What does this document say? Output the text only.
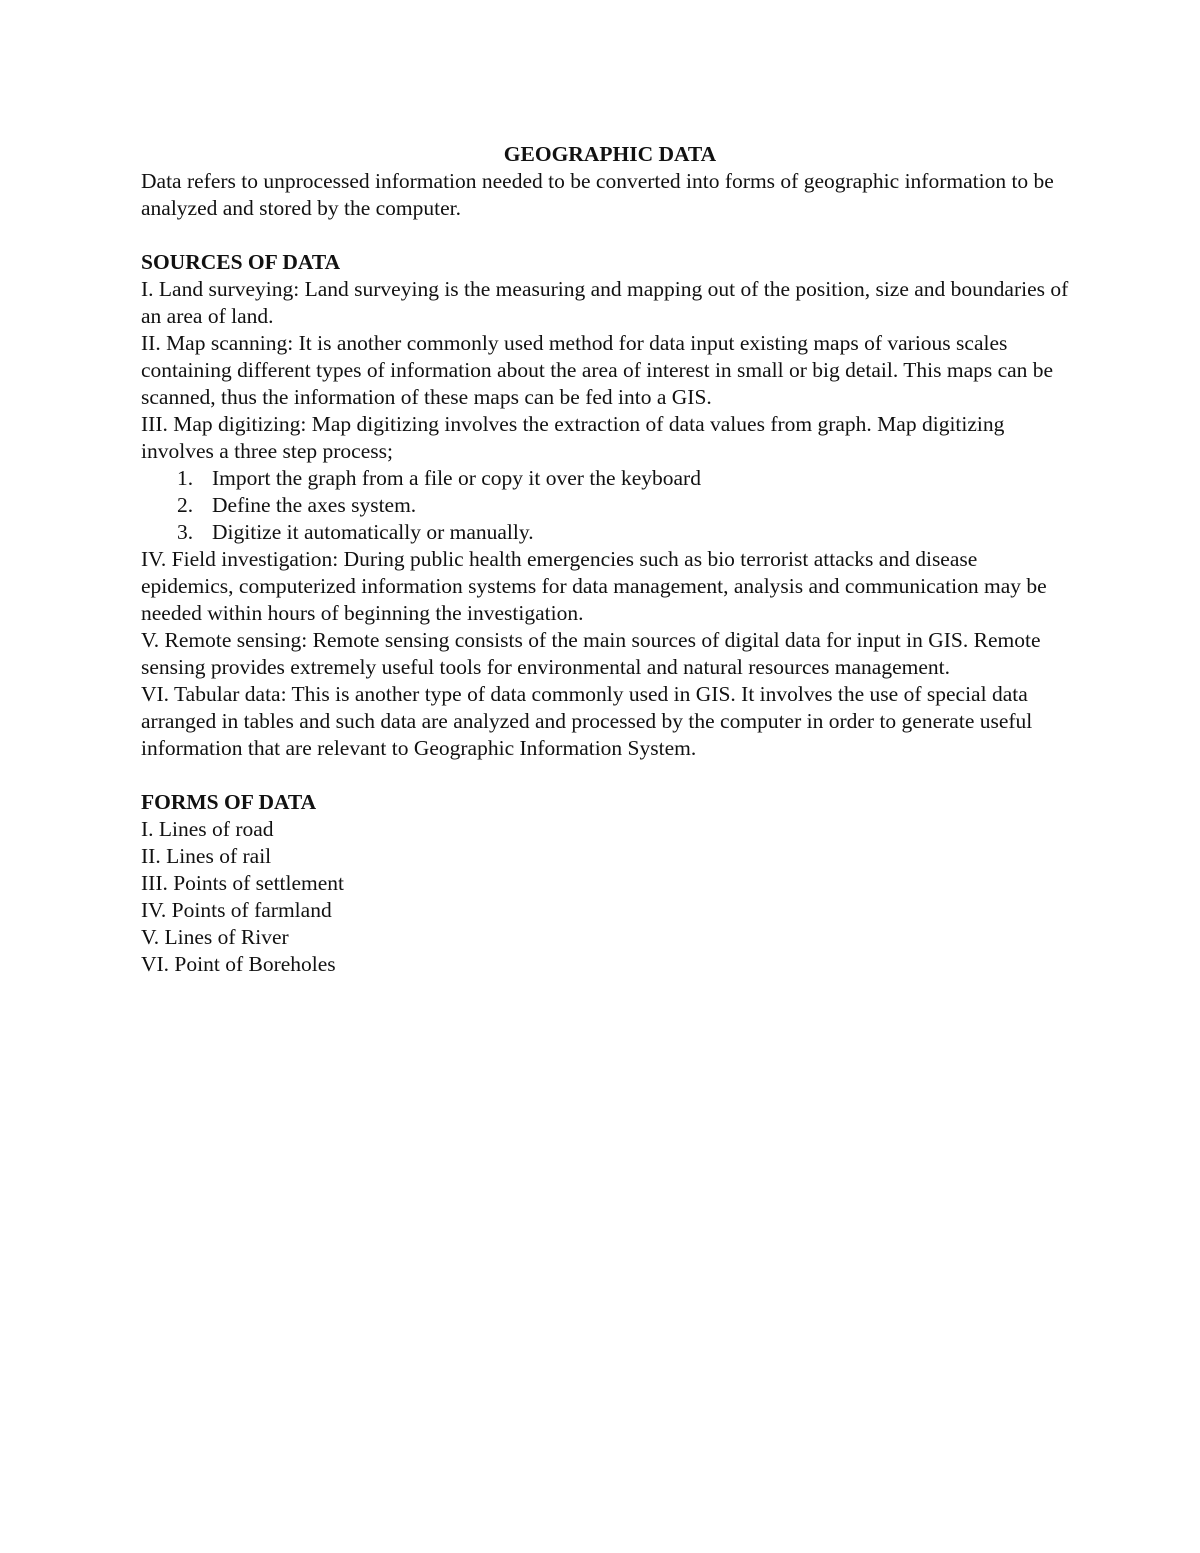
GEOGRAPHIC DATA

Data refers to unprocessed information needed to be converted into forms of geographic information to be analyzed and stored by the computer.

SOURCES OF DATA

I. Land surveying: Land surveying is the measuring and mapping out of the position, size and boundaries of an area of land.

II. Map scanning: It is another commonly used method for data input existing maps of various scales containing different types of information about the area of interest in small or big detail. This maps can be scanned, thus the information of these maps can be fed into a GIS.

III. Map digitizing: Map digitizing involves the extraction of data values from graph. Map digitizing involves a three step process;

1. Import the graph from a file or copy it over the keyboard
2. Define the axes system.
3. Digitize it automatically or manually.

IV. Field investigation: During public health emergencies such as bio terrorist attacks and disease epidemics, computerized information systems for data management, analysis and communication may be needed within hours of beginning the investigation.

V. Remote sensing: Remote sensing consists of the main sources of digital data for input in GIS. Remote sensing provides extremely useful tools for environmental and natural resources management.

VI. Tabular data: This is another type of data commonly used in GIS. It involves the use of special data arranged in tables and such data are analyzed and processed by the computer in order to generate useful information that are relevant to Geographic Information System.

FORMS OF DATA

I. Lines of road

II. Lines of rail

III. Points of settlement

IV. Points of farmland

V. Lines of River

VI. Point of Boreholes
